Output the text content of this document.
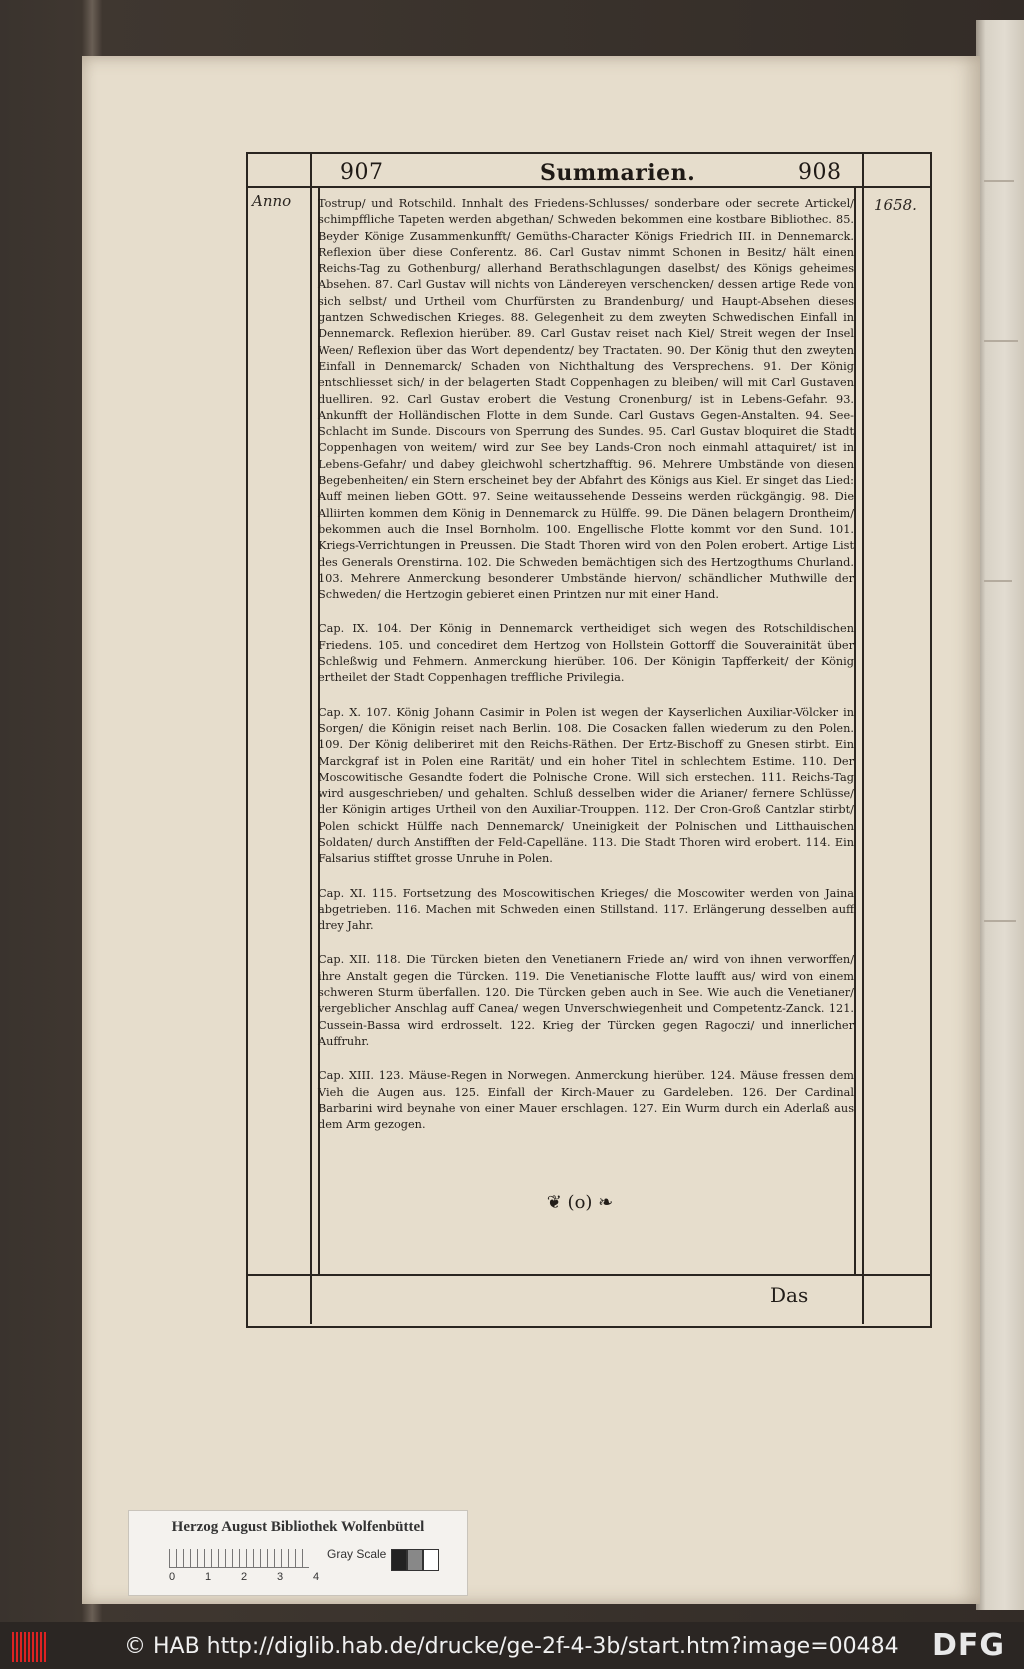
907	Summarien.	908
Anno	1658.

Tostrup/ und Rotschild. Innhalt des Friedens-Schlusses/ sonderbare oder secrete Artickel/ schimpffliche Tapeten werden abgethan/ Schweden bekommen eine kostbare Bibliothec. 85. Beyder Könige Zusammenkunfft/ Gemüths-Character Königs Friedrich III. in Dennemarck. Reflexion über diese Conferentz. 86. Carl Gustav nimmt Schonen in Besitz/ hält einen Reichs-Tag zu Gothenburg/ allerhand Berathschlagungen daselbst/ des Königs geheimes Absehen. 87. Carl Gustav will nichts von Ländereyen verschencken/ dessen artige Rede von sich selbst/ und Urtheil vom Churfürsten zu Brandenburg/ und Haupt-Absehen dieses gantzen Schwedischen Krieges. 88. Gelegenheit zu dem zweyten Schwedischen Einfall in Dennemarck. Reflexion hierüber. 89. Carl Gustav reiset nach Kiel/ Streit wegen der Insel Ween/ Reflexion über das Wort dependentz/ bey Tractaten. 90. Der König thut den zweyten Einfall in Dennemarck/ Schaden von Nichthaltung des Versprechens. 91. Der König entschliesset sich/ in der belagerten Stadt Coppenhagen zu bleiben/ will mit Carl Gustaven duelliren. 92. Carl Gustav erobert die Vestung Cronenburg/ ist in Lebens-Gefahr. 93. Ankunfft der Holländischen Flotte in dem Sunde. Carl Gustavs Gegen-Anstalten. 94. See-Schlacht im Sunde. Discours von Sperrung des Sundes. 95. Carl Gustav bloquiret die Stadt Coppenhagen von weitem/ wird zur See bey Lands-Cron noch einmahl attaquiret/ ist in Lebens-Gefahr/ und dabey gleichwohl schertzhafftig. 96. Mehrere Umbstände von diesen Begebenheiten/ ein Stern erscheinet bey der Abfahrt des Königs aus Kiel. Er singet das Lied: Auff meinen lieben GOtt. 97. Seine weitaussehende Desseins werden rückgängig. 98. Die Alliirten kommen dem König in Dennemarck zu Hülffe. 99. Die Dänen belagern Drontheim/ bekommen auch die Insel Bornholm. 100. Engellische Flotte kommt vor den Sund. 101. Kriegs-Verrichtungen in Preussen. Die Stadt Thoren wird von den Polen erobert. Artige List des Generals Orenstirna. 102. Die Schweden bemächtigen sich des Hertzogthums Churland. 103. Mehrere Anmerckung besonderer Umbstände hiervon/ schändlicher Muthwille der Schweden/ die Hertzogin gebieret einen Printzen nur mit einer Hand.

Cap. IX. 104. Der König in Dennemarck vertheidiget sich wegen des Rotschildischen Friedens. 105. und concediret dem Hertzog von Hollstein Gottorff die Souverainität über Schleßwig und Fehmern. Anmerckung hierüber. 106. Der Königin Tapfferkeit/ der König ertheilet der Stadt Coppenhagen treffliche Privilegia.

Cap. X. 107. König Johann Casimir in Polen ist wegen der Kayserlichen Auxiliar-Völcker in Sorgen/ die Königin reiset nach Berlin. 108. Die Cosacken fallen wiederum zu den Polen. 109. Der König deliberiret mit den Reichs-Räthen. Der Ertz-Bischoff zu Gnesen stirbt. Ein Marckgraf ist in Polen eine Rarität/ und ein hoher Titel in schlechtem Estime. 110. Der Moscowitische Gesandte fodert die Polnische Crone. Will sich erstechen. 111. Reichs-Tag wird ausgeschrieben/ und gehalten. Schluß desselben wider die Arianer/ fernere Schlüsse/ der Königin artiges Urtheil von den Auxiliar-Trouppen. 112. Der Cron-Groß Cantzlar stirbt/ Polen schickt Hülffe nach Dennemarck/ Uneinigkeit der Polnischen und Litthauischen Soldaten/ durch Anstifften der Feld-Capelläne. 113. Die Stadt Thoren wird erobert. 114. Ein Falsarius stifftet grosse Unruhe in Polen.

Cap. XI. 115. Fortsetzung des Moscowitischen Krieges/ die Moscowiter werden von Jaina abgetrieben. 116. Machen mit Schweden einen Stillstand. 117. Erlängerung desselben auff drey Jahr.

Cap. XII. 118. Die Türcken bieten den Venetianern Friede an/ wird von ihnen verworffen/ ihre Anstalt gegen die Türcken. 119. Die Venetianische Flotte laufft aus/ wird von einem schweren Sturm überfallen. 120. Die Türcken geben auch in See. Wie auch die Venetianer/ vergeblicher Anschlag auff Canea/ wegen Unverschwiegenheit und Competentz-Zanck. 121. Cussein-Bassa wird erdrosselt. 122. Krieg der Türcken gegen Ragoczi/ und innerlicher Auffruhr.

Cap. XIII. 123. Mäuse-Regen in Norwegen. Anmerckung hierüber. 124. Mäuse fressen dem Vieh die Augen aus. 125. Einfall der Kirch-Mauer zu Gardeleben. 126. Der Cardinal Barbarini wird beynahe von einer Mauer erschlagen. 127. Ein Wurm durch ein Aderlaß aus dem Arm gezogen.

❦ (o) ❧
Das
Herzog August Bibliothek Wolfenbüttel
0	1	2	3	4
Gray Scale
© HAB http://diglib.hab.de/drucke/ge-2f-4-3b/start.htm?image=00484 DFG
